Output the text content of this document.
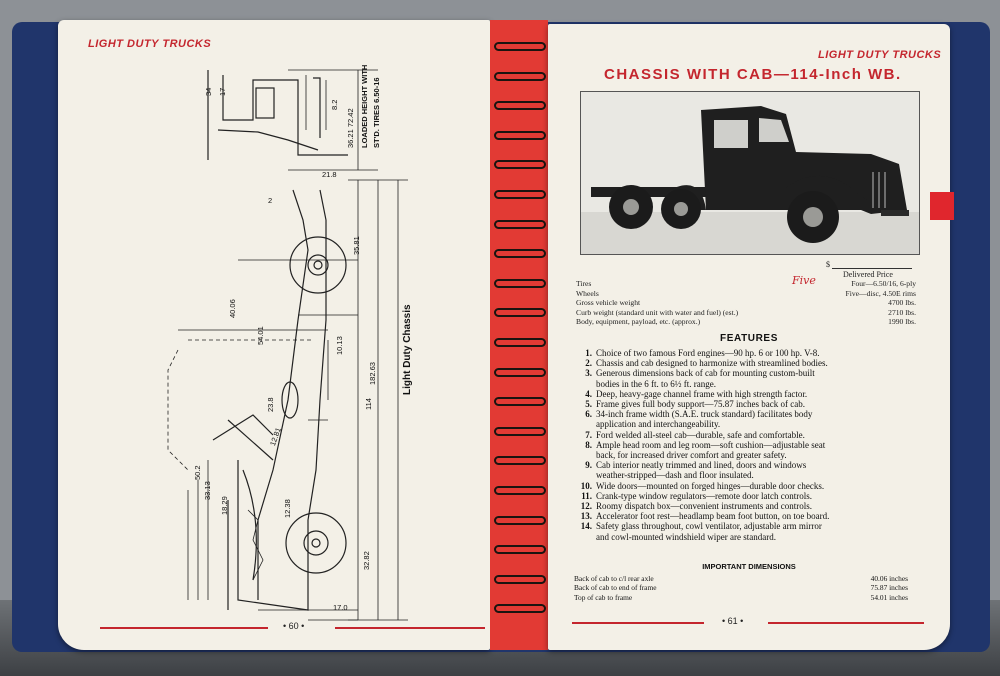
LIGHT DUTY TRUCKS
34 17
8.2
36.21 72.42 LOADED HEIGHT WITH ST'D. TIRES 6.50-16
21.8
2
35.81
40.06
54.01
10.13
114
182.63
23.8
12.81
50.2
33.13
18.29	12.38
32.82
17.0
Light Duty Chassis
• 60 •
LIGHT DUTY TRUCKS
CHASSIS WITH CAB—114-Inch WB.
$
Delivered Price
Five
Tires	Four—6.50/16, 6-ply
Wheels	Five—disc, 4.50E rims
Gross vehicle weight	4700 lbs.
Curb weight (standard unit with water and fuel) (est.)	2710 lbs.
Body, equipment, payload, etc. (approx.)	1990 lbs.
FEATURES
1. Choice of two famous Ford engines—90 hp. 6 or 100 hp. V-8.
2. Chassis and cab designed to harmonize with streamlined bodies.
3. Generous dimensions back of cab for mounting custom-built
bodies in the 6 ft. to 6½ ft. range.
4. Deep, heavy-gage channel frame with high strength factor.
5. Frame gives full body support—75.87 inches back of cab.
6. 34-inch frame width (S.A.E. truck standard) facilitates body
application and interchangeability.
7. Ford welded all-steel cab—durable, safe and comfortable.
8. Ample head room and leg room—soft cushion—adjustable seat
back, for increased driver comfort and greater safety.
9. Cab interior neatly trimmed and lined, doors and windows
weather-stripped—dash and floor insulated.
10. Wide doors—mounted on forged hinges—durable door checks.
11. Crank-type window regulators—remote door latch controls.
12. Roomy dispatch box—convenient instruments and controls.
13. Accelerator foot rest—headlamp beam foot button, on toe board.
14. Safety glass throughout, cowl ventilator, adjustable arm mirror
and cowl-mounted windshield wiper are standard.
IMPORTANT DIMENSIONS
Back of cab to c/l rear axle	40.06 inches
Back of cab to end of frame	75.87 inches
Top of cab to frame	54.01 inches
• 61 •
